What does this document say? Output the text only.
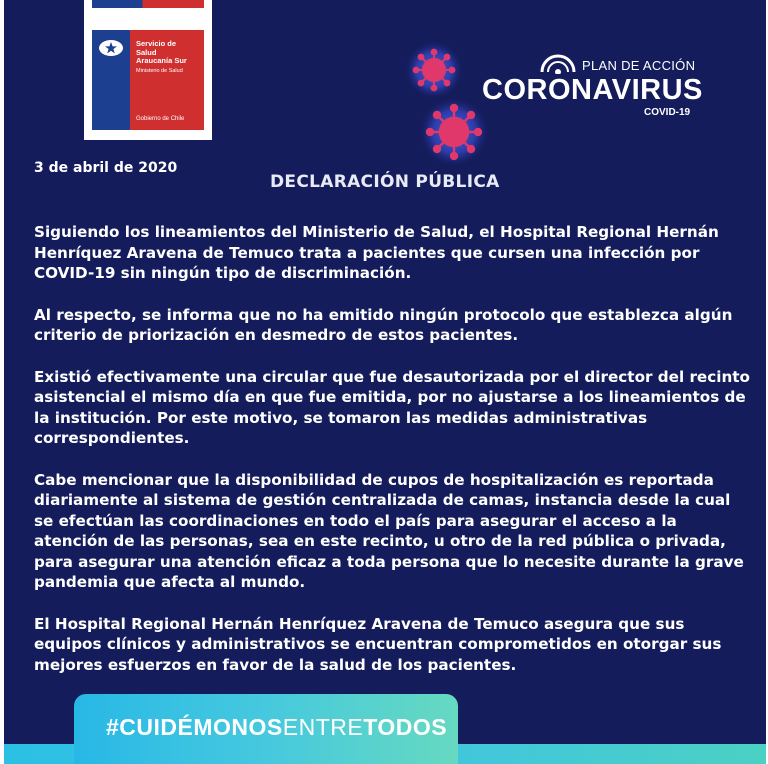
Servicio de
Salud
Araucanía Sur
Ministerio de Salud
Gobierno de Chile
PLAN DE ACCIÓN
CORONAVIRUS
COVID-19
3 de abril de 2020
DECLARACIÓN PÚBLICA

Siguiendo los lineamientos del Ministerio de Salud, el Hospital Regional Hernán Henríquez Aravena de Temuco trata a pacientes que cursen una infección por COVID-19 sin ningún tipo de discriminación.

Al respecto, se informa que no ha emitido ningún protocolo que establezca algún criterio de priorización en desmedro de estos pacientes.

Existió efectivamente una circular que fue desautorizada por el director del recinto asistencial el mismo día en que fue emitida, por no ajustarse a los lineamientos de la institución. Por este motivo, se tomaron las medidas administrativas correspondientes.

Cabe mencionar que la disponibilidad de cupos de hospitalización es reportada diariamente al sistema de gestión centralizada de camas, instancia desde la cual se efectúan las coordinaciones en todo el país para asegurar el acceso a la atención de las personas, sea en este recinto, u otro de la red pública o privada, para asegurar una atención eficaz a toda persona que lo necesite durante la grave pandemia que afecta al mundo.

El Hospital Regional Hernán Henríquez Aravena de Temuco asegura que sus equipos clínicos y administrativos se encuentran comprometidos en otorgar sus mejores esfuerzos en favor de la salud de los pacientes.

#CUIDÉMONOSENTRETODOS
